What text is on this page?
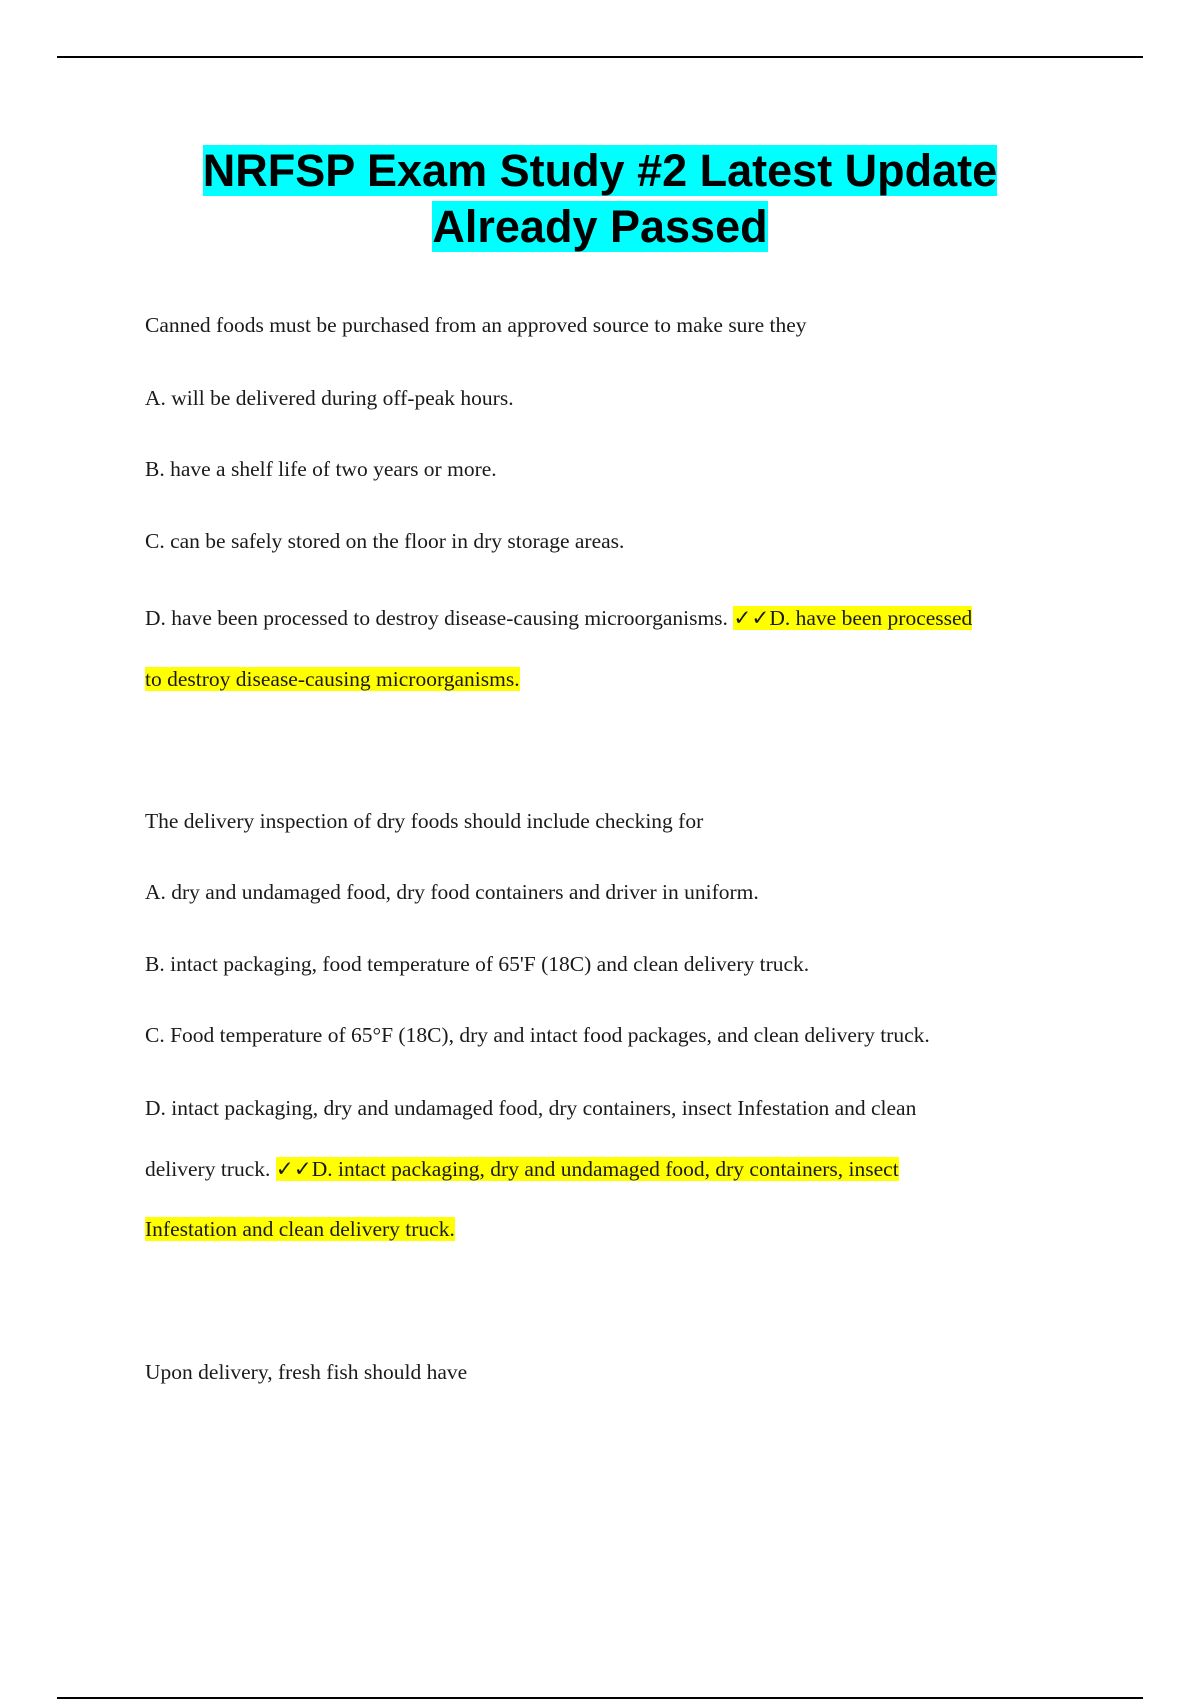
NRFSP Exam Study #2 Latest Update
Already Passed
Canned foods must be purchased from an approved source to make sure they
A. will be delivered during off-peak hours.
B. have a shelf life of two years or more.
C. can be safely stored on the floor in dry storage areas.
D. have been processed to destroy disease-causing microorganisms. ✓✓D. have been processed
to destroy disease-causing microorganisms.
The delivery inspection of dry foods should include checking for
A. dry and undamaged food, dry food containers and driver in uniform.
B. intact packaging, food temperature of 65'F (18C) and clean delivery truck.
C. Food temperature of 65°F (18C), dry and intact food packages, and clean delivery truck.
D. intact packaging, dry and undamaged food, dry containers, insect Infestation and clean
delivery truck. ✓✓D. intact packaging, dry and undamaged food, dry containers, insect
Infestation and clean delivery truck.
Upon delivery, fresh fish should have
